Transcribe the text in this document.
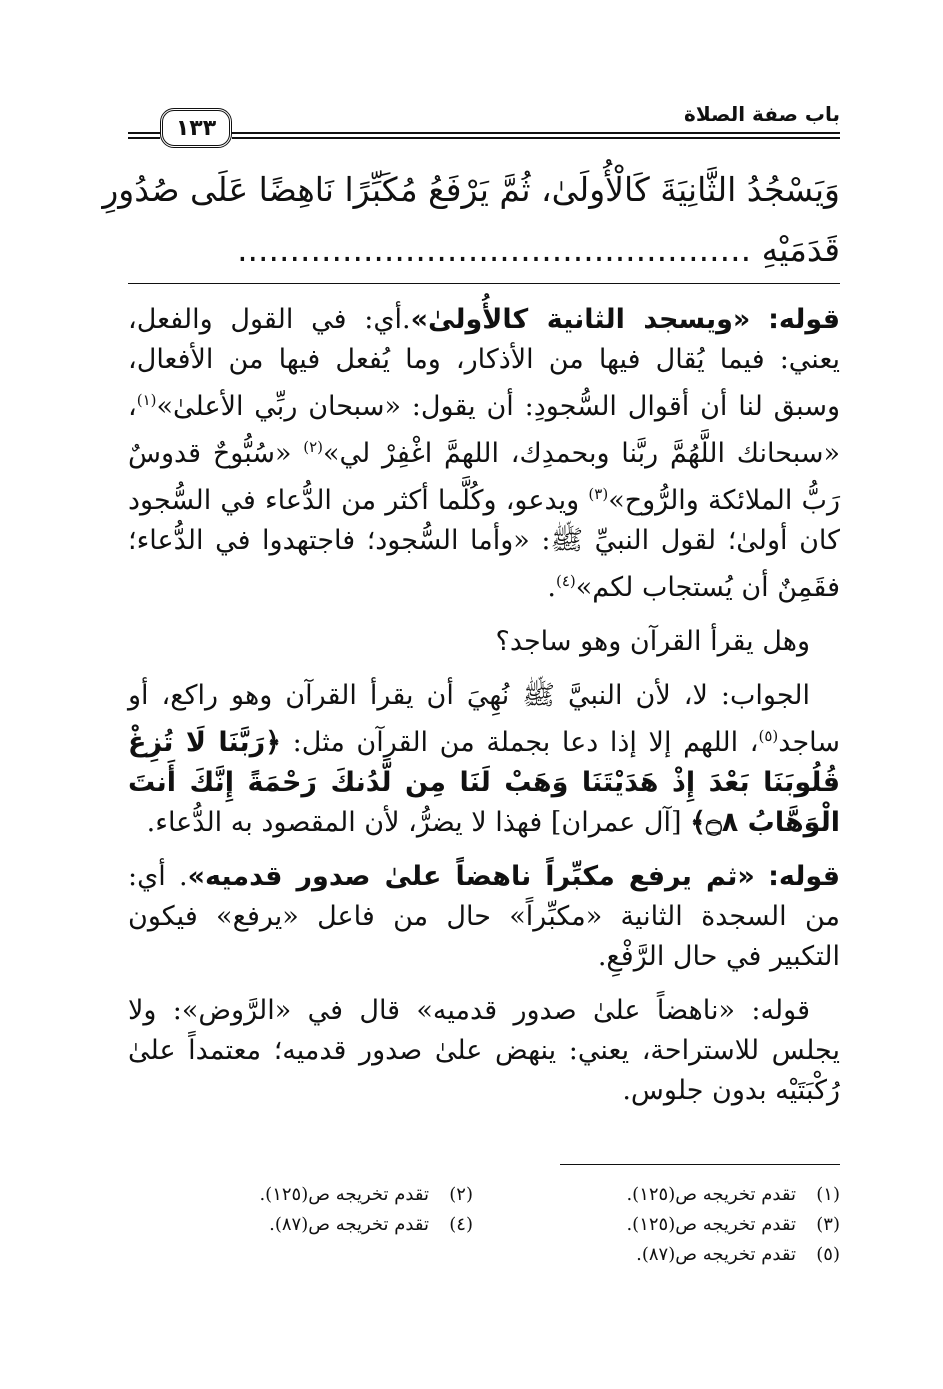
باب صفة الصلاة
١٣٣
وَيَسْجُدُ الثَّانِيَةَ كَالْأُولَىٰ، ثُمَّ يَرْفَعُ مُكَبِّرًا نَاهِضًا عَلَى صُدُورِ
قَدَمَيْهِ .................................................

قوله: «ويسجد الثانية كالأُولىٰ».أي: في القول والفعل، يعني: فيما يُقال فيها من الأذكار، وما يُفعل فيها من الأفعال، وسبق لنا أن أقوال السُّجودِ: أن يقول: «سبحان ربِّي الأعلىٰ»$^{(١)}$، «سبحانك اللَّهُمَّ ربَّنا وبحمدِك، اللهمَّ اغْفِرْ لي»$^{(٢)}$ «سُبُّوحٌ قدوسٌ رَبُّ الملائكة والرُّوح»$^{(٣)}$ ويدعو، وكُلَّما أكثر من الدُّعاء في السُّجود كان أولىٰ؛ لقول النبيِّ ﷺ: «وأما السُّجود؛ فاجتهدوا في الدُّعاء؛ فقَمِنٌ أن يُستجاب لكم»$^{(٤)}$.

وهل يقرأ القرآن وهو ساجد؟

الجواب: لا، لأن النبيَّ ﷺ نُهِيَ أن يقرأ القرآن وهو راكع، أو ساجد$^{(٥)}$، اللهم إلا إذا دعا بجملة من القرآن مثل: ﴿رَبَّنَا لَا تُزِغْ قُلُوبَنَا بَعْدَ إِذْ هَدَيْتَنَا وَهَبْ لَنَا مِن لَّدُنكَ رَحْمَةً إِنَّكَ أَنتَ الْوَهَّابُ ۝٨﴾ [آل عمران] فهذا لا يضرُّ، لأن المقصود به الدُّعاء.

قوله: «ثم يرفع مكبِّراً ناهضاً علىٰ صدور قدميه». أي: من السجدة الثانية «مكبِّراً» حال من فاعل «يرفع» فيكون التكبير في حال الرَّفْعِ.

قوله: «ناهضاً علىٰ صدور قدميه» قال في «الرَّوض»: ولا يجلس للاستراحة، يعني: ينهض علىٰ صدور قدميه؛ معتمداً علىٰ رُكْبَتَيْه بدون جلوس.

(١)تقدم تخريجه ص(١٢٥).
(٢)تقدم تخريجه ص(١٢٥).
(٣)تقدم تخريجه ص(١٢٥).
(٤)تقدم تخريجه ص(٨٧).
(٥)تقدم تخريجه ص(٨٧).
